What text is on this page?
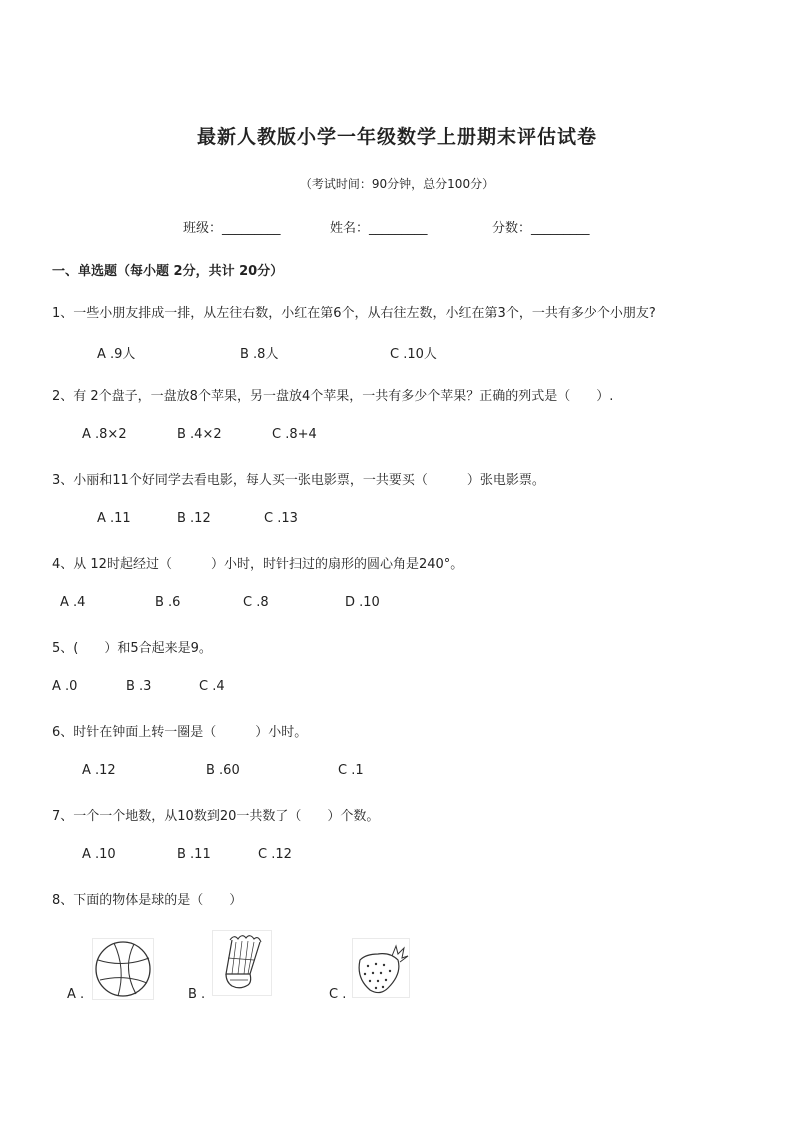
最新人教版小学一年级数学上册期末评估试卷
（考试时间：90分钟，总分100分）
班级：_________	姓名：_________	分数：_________
一、单选题（每小题 2分，共计 20分）
1、一些小朋友排成一排，从左往右数，小红在第6个，从右往左数，小红在第3个，一共有多少个小朋友?
A .9人	B .8人	C .10人
2、有 2个盘子，一盘放8个苹果，另一盘放4个苹果，一共有多少个苹果？正确的列式是（　　）.
A .8×2	B .4×2	C .8+4
3、小丽和11个好同学去看电影，每人买一张电影票，一共要买（　　　）张电影票。
A .11	B .12	C .13
4、从 12时起经过（　　　）小时，时针扫过的扇形的圆心角是240°。
A .4	B .6	C .8	D .10
5、(　　）和5合起来是9。
A .0	B .3	C .4
6、时针在钟面上转一圈是（　　　）小时。
A .12	B .60	C .1
7、一个一个地数，从10数到20一共数了（　　）个数。
A .10	B .11	C .12
8、下面的物体是球的是（　　）
A .	B .	C .
